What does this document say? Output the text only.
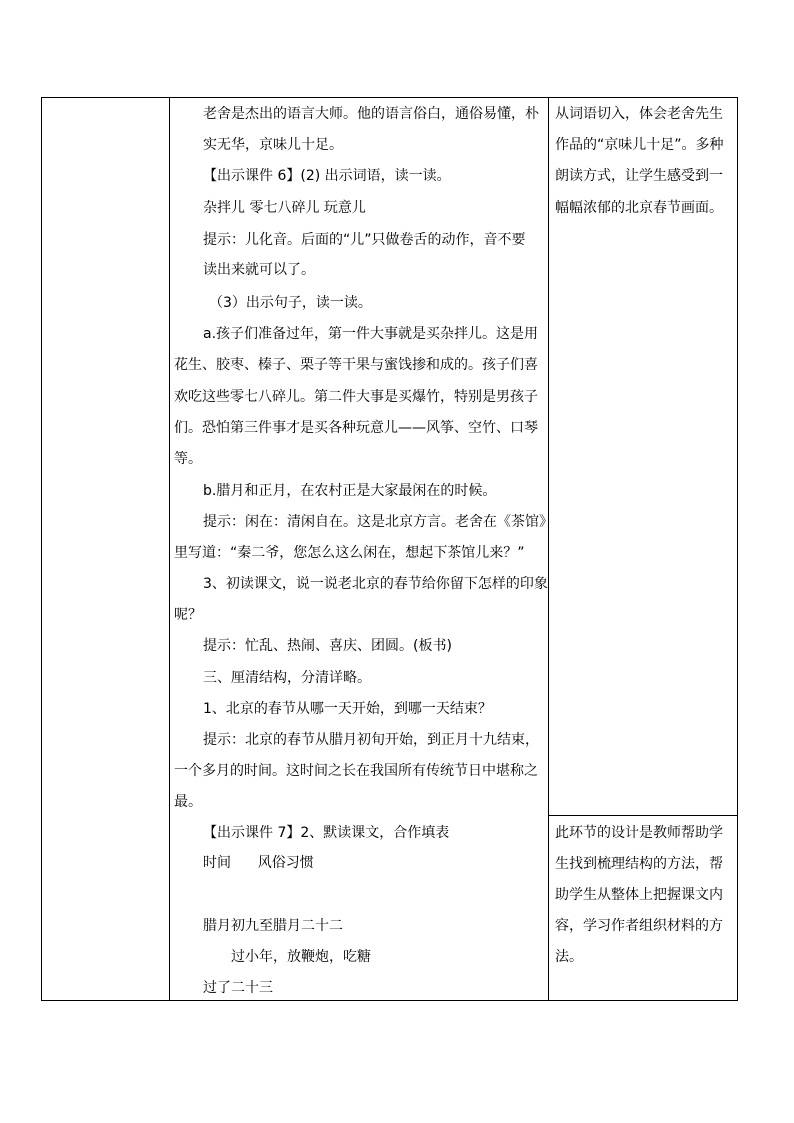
老舍是杰出的语言大师。他的语言俗白，通俗易懂，朴
实无华，京味儿十足。
【出示课件 6】(2) 出示词语，读一读。
杂拌儿 零七八碎儿 玩意儿
提示：儿化音。后面的“儿”只做卷舌的动作，音不要
读出来就可以了。
（3）出示句子，读一读。
a.孩子们准备过年，第一件大事就是买杂拌儿。这是用
花生、胶枣、榛子、栗子等干果与蜜饯掺和成的。孩子们喜
欢吃这些零七八碎儿。第二件大事是买爆竹，特别是男孩子
们。恐怕第三件事才是买各种玩意儿——风筝、空竹、口琴
等。
b.腊月和正月，在农村正是大家最闲在的时候。
提示：闲在：清闲自在。这是北京方言。老舍在《茶馆》
里写道：“秦二爷，您怎么这么闲在，想起下茶馆儿来？”
3、初读课文，说一说老北京的春节给你留下怎样的印象
呢？
提示：忙乱、热闹、喜庆、团圆。(板书)
三、厘清结构，分清详略。
1、北京的春节从哪一天开始，到哪一天结束？
提示：北京的春节从腊月初旬开始，到正月十九结束，
一个多月的时间。这时间之长在我国所有传统节日中堪称之
最。
【出示课件 7】2、默读课文，合作填表
时间      风俗习惯
腊月初九至腊月二十二
过小年，放鞭炮，吃糖
过了二十三
从词语切入，体会老舍先生
作品的“京味儿十足”。多种
朗读方式，让学生感受到一
幅幅浓郁的北京春节画面。
此环节的设计是教师帮助学
生找到梳理结构的方法，帮
助学生从整体上把握课文内
容，学习作者组织材料的方
法。
